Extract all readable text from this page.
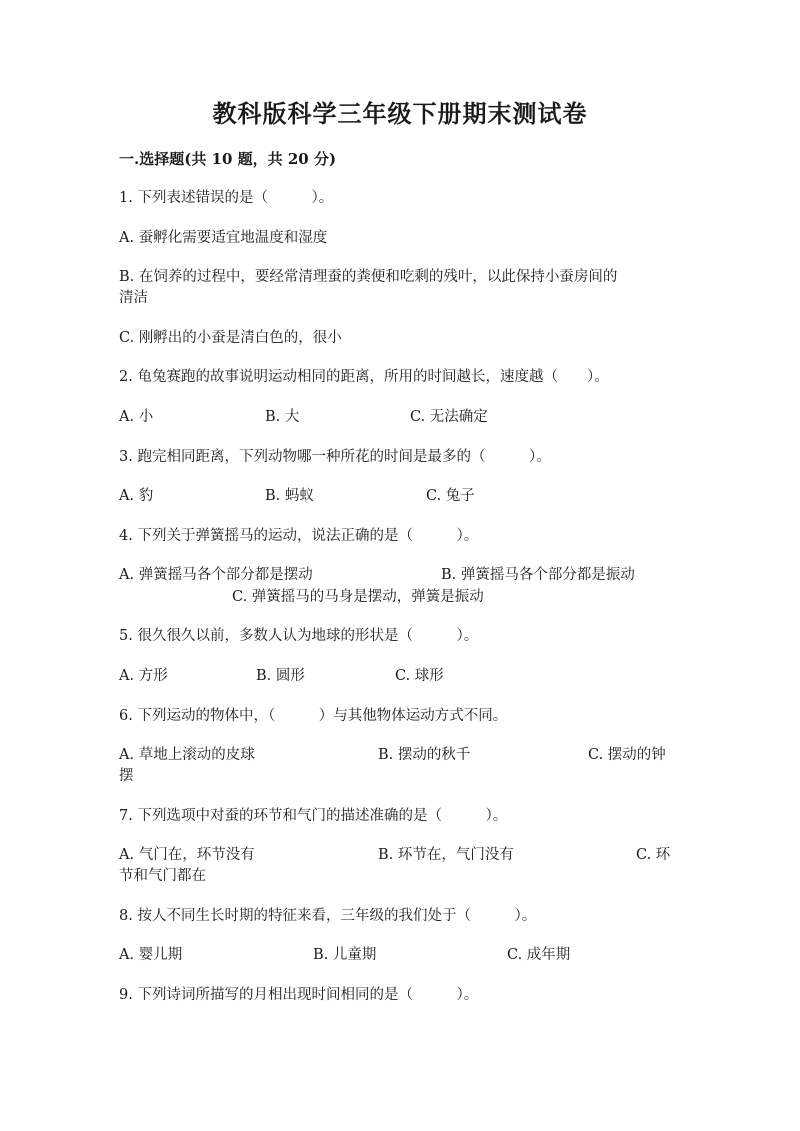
教科版科学三年级下册期末测试卷
一.选择题(共 10 题，共 20 分)
1. 下列表述错误的是（　　　）。
A. 蚕孵化需要适宜地温度和湿度
B. 在饲养的过程中，要经常清理蚕的粪便和吃剩的残叶，以此保持小蚕房间的
清洁
C. 刚孵出的小蚕是清白色的，很小
2. 龟兔赛跑的故事说明运动相同的距离，所用的时间越长，速度越（　　）。
A. 小	B. 大	C. 无法确定
3. 跑完相同距离，下列动物哪一种所花的时间是最多的（　　　）。
A. 豹	B. 蚂蚁	C. 兔子
4. 下列关于弹簧摇马的运动，说法正确的是（　　　）。
A. 弹簧摇马各个部分都是摆动	B. 弹簧摇马各个部分都是振动
C. 弹簧摇马的马身是摆动，弹簧是振动
5. 很久很久以前，多数人认为地球的形状是（　　　）。
A. 方形	B. 圆形	C. 球形
6. 下列运动的物体中，（　　　）与其他物体运动方式不同。
A. 草地上滚动的皮球	B. 摆动的秋千	C. 摆动的钟
摆
7. 下列选项中对蚕的环节和气门的描述准确的是（　　　）。
A. 气门在，环节没有	B. 环节在，气门没有	C. 环
节和气门都在
8. 按人不同生长时期的特征来看，三年级的我们处于（　　　）。
A. 婴儿期	B. 儿童期	C. 成年期
9. 下列诗词所描写的月相出现时间相同的是（　　　）。
